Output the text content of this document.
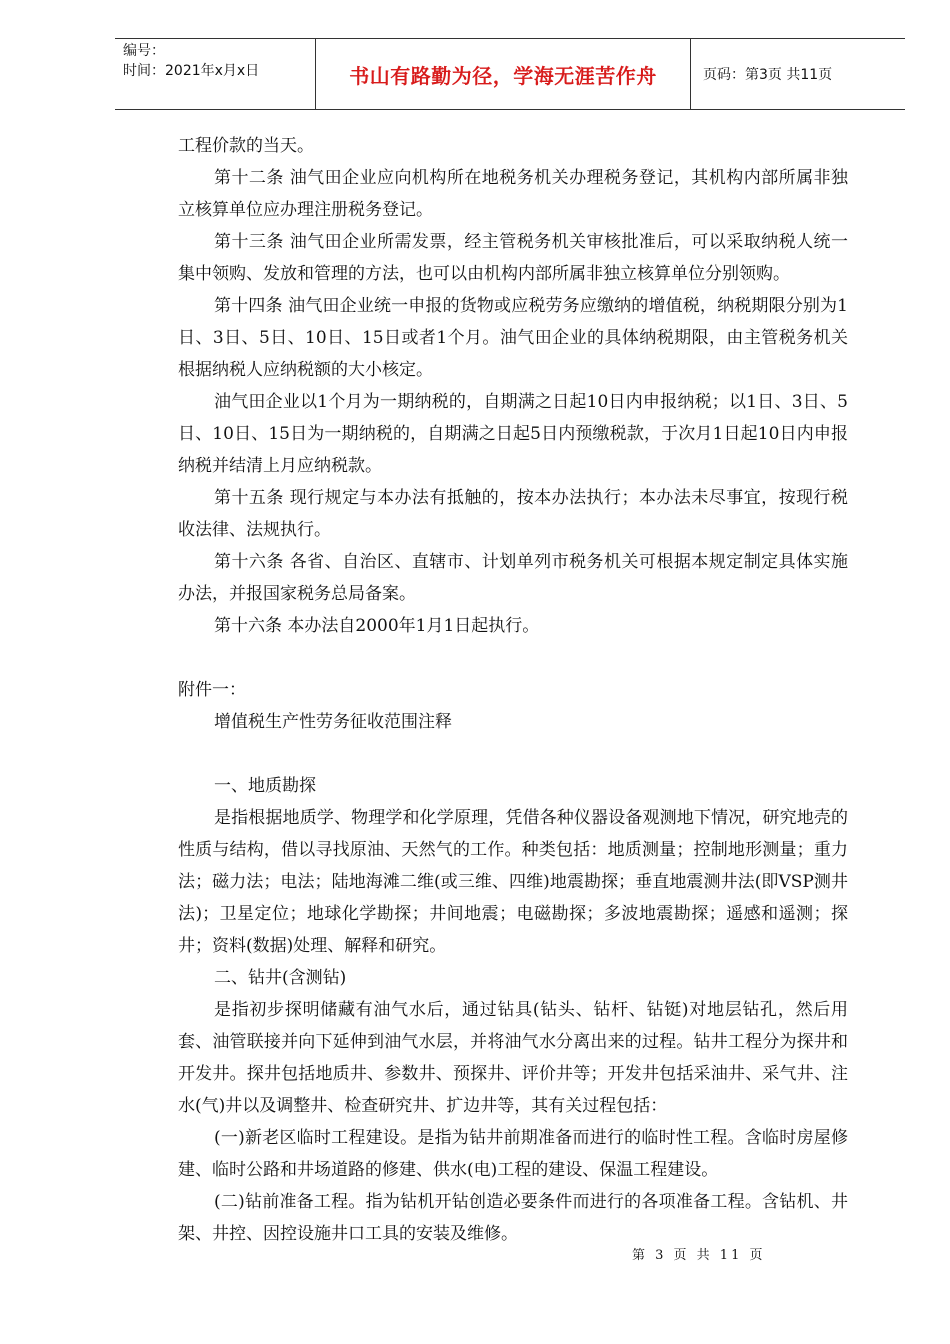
编号：
时间：2021年x月x日	书山有路勤为径，学海无涯苦作舟	页码：第3页 共11页

工程价款的当天。

第十二条 油气田企业应向机构所在地税务机关办理税务登记，其机构内部所属非独立核算单位应办理注册税务登记。

第十三条 油气田企业所需发票，经主管税务机关审核批准后，可以采取纳税人统一集中领购、发放和管理的方法，也可以由机构内部所属非独立核算单位分别领购。

第十四条 油气田企业统一申报的货物或应税劳务应缴纳的增值税，纳税期限分别为1日、3日、5日、10日、15日或者1个月。油气田企业的具体纳税期限，由主管税务机关根据纳税人应纳税额的大小核定。

油气田企业以1个月为一期纳税的，自期满之日起10日内申报纳税；以1日、3日、5日、10日、15日为一期纳税的，自期满之日起5日内预缴税款，于次月1日起10日内申报纳税并结清上月应纳税款。

第十五条 现行规定与本办法有抵触的，按本办法执行；本办法未尽事宜，按现行税收法律、法规执行。

第十六条 各省、自治区、直辖市、计划单列市税务机关可根据本规定制定具体实施办法，并报国家税务总局备案。

第十六条 本办法自2000年1月1日起执行。

附件一：

增值税生产性劳务征收范围注释

一、地质勘探

是指根据地质学、物理学和化学原理，凭借各种仪器设备观测地下情况，研究地壳的性质与结构，借以寻找原油、天然气的工作。种类包括：地质测量；控制地形测量；重力法；磁力法；电法；陆地海滩二维(或三维、四维)地震勘探；垂直地震测井法(即VSP测井法)；卫星定位；地球化学勘探；井间地震；电磁勘探；多波地震勘探；遥感和遥测；探井；资料(数据)处理、解释和研究。

二、钻井(含测钻)

是指初步探明储藏有油气水后，通过钻具(钻头、钻杆、钻铤)对地层钻孔，然后用套、油管联接并向下延伸到油气水层，并将油气水分离出来的过程。钻井工程分为探井和开发井。探井包括地质井、参数井、预探井、评价井等；开发井包括采油井、采气井、注水(气)井以及调整井、检查研究井、扩边井等，其有关过程包括：

(一)新老区临时工程建设。是指为钻井前期准备而进行的临时性工程。含临时房屋修建、临时公路和井场道路的修建、供水(电)工程的建设、保温工程建设。

(二)钻前准备工程。指为钻机开钻创造必要条件而进行的各项准备工程。含钻机、井架、井控、因控设施井口工具的安装及维修。

第 3 页 共 11 页
